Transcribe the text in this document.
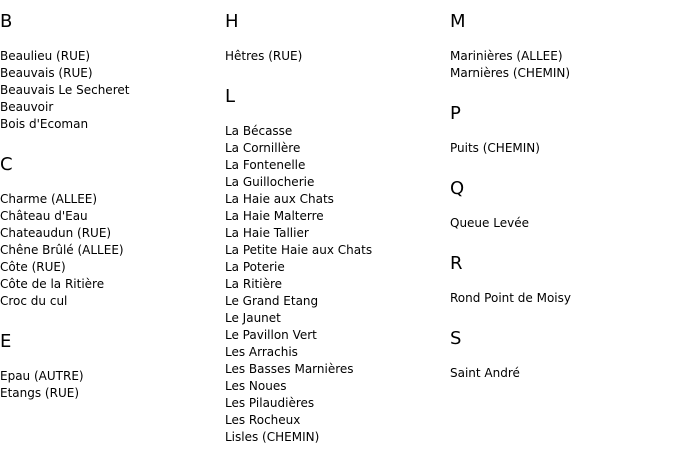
B
Beaulieu (RUE)
Beauvais (RUE)
Beauvais Le Secheret
Beauvoir
Bois d'Ecoman
C
Charme (ALLEE)
Château d'Eau
Chateaudun (RUE)
Chêne Brûlé (ALLEE)
Côte (RUE)
Côte de la Ritière
Croc du cul
E
Epau (AUTRE)
Etangs (RUE)
H
Hêtres (RUE)
L
La Bécasse
La Cornillère
La Fontenelle
La Guillocherie
La Haie aux Chats
La Haie Malterre
La Haie Tallier
La Petite Haie aux Chats
La Poterie
La Ritière
Le Grand Etang
Le Jaunet
Le Pavillon Vert
Les Arrachis
Les Basses Marnières
Les Noues
Les Pilaudières
Les Rocheux
Lisles (CHEMIN)
M
Marinières (ALLEE)
Marnières (CHEMIN)
P
Puits (CHEMIN)
Q
Queue Levée
R
Rond Point de Moisy
S
Saint André
